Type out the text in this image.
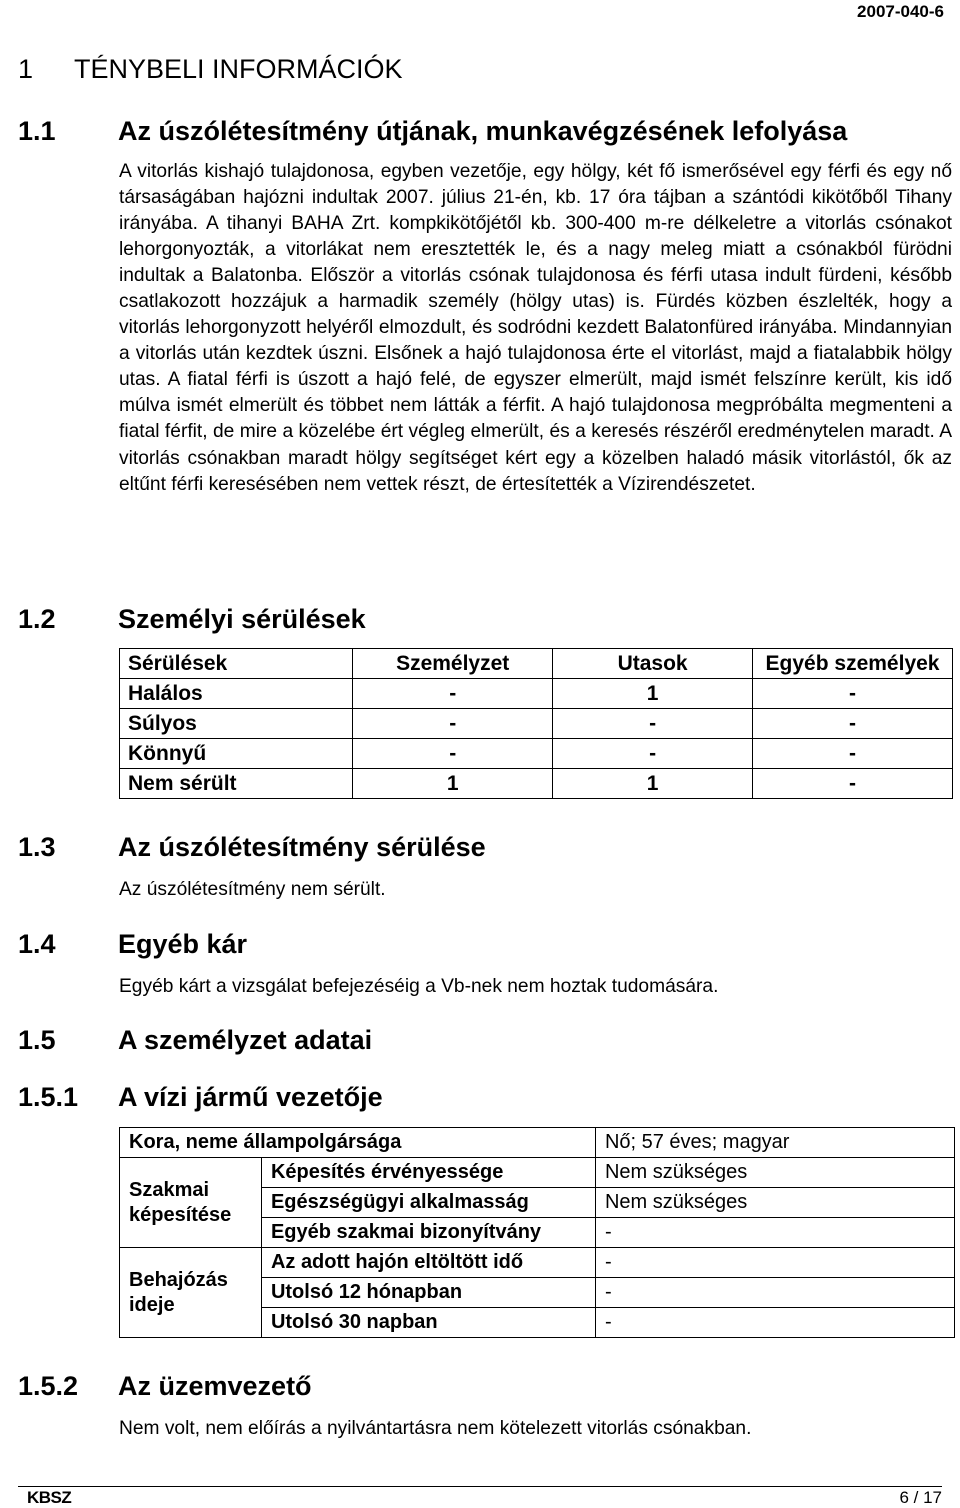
2007-040-6
1 TÉNYBELI INFORMÁCIÓK
1.1 Az úszólétesítmény útjának, munkavégzésének lefolyása
A vitorlás kishajó tulajdonosa, egyben vezetője, egy hölgy, két fő ismerősével egy férfi és egy nő társaságában hajózni indultak 2007. július 21-én, kb. 17 óra tájban a szántódi kikötőből Tihany irányába. A tihanyi BAHA Zrt. kompkikötőjétől kb. 300-400 m-re délkeletre a vitorlás csónakot lehorgonyozták, a vitorlákat nem eresztették le, és a nagy meleg miatt a csónakból fürödni indultak a Balatonba. Először a vitorlás csónak tulajdonosa és férfi utasa indult fürdeni, később csatlakozott hozzájuk a harmadik személy (hölgy utas) is. Fürdés közben észlelték, hogy a vitorlás lehorgonyzott helyéről elmozdult, és sodródni kezdett Balatonfüred irányába. Mindannyian a vitorlás után kezdtek úszni. Elsőnek a hajó tulajdonosa érte el vitorlást, majd a fiatalabbik hölgy utas. A fiatal férfi is úszott a hajó felé, de egyszer elmerült, majd ismét felszínre került, kis idő múlva ismét elmerült és többet nem látták a férfit. A hajó tulajdonosa megpróbálta megmenteni a fiatal férfit, de mire a közelébe ért végleg elmerült, és a keresés részéről eredménytelen maradt. A vitorlás csónakban maradt hölgy segítséget kért egy a közelben haladó másik vitorlástól, ők az eltűnt férfi keresésében nem vettek részt, de értesítették a Vízirendészetet.
1.2 Személyi sérülések
Sérülések	Személyzet	Utasok	Egyéb személyek
Halálos	-	1	-
Súlyos	-	-	-
Könnyű	-	-	-
Nem sérült	1	1	-
1.3 Az úszólétesítmény sérülése
Az úszólétesítmény nem sérült.
1.4 Egyéb kár
Egyéb kárt a vizsgálat befejezéséig a Vb-nek nem hoztak tudomására.
1.5 A személyzet adatai
1.5.1 A vízi jármű vezetője
Kora, neme állampolgársága		Nő; 57 éves; magyar
Szakmai képesítése	Képesítés érvényessége	Nem szükséges
	Egészségügyi alkalmasság	Nem szükséges
	Egyéb szakmai bizonyítvány	-
Behajózás ideje	Az adott hajón eltöltött idő	-
	Utolsó 12 hónapban	-
	Utolsó 30 napban	-
1.5.2 Az üzemvezető
Nem volt, nem előírás a nyilvántartásra nem kötelezett vitorlás csónakban.
KBSZ	6 / 17
